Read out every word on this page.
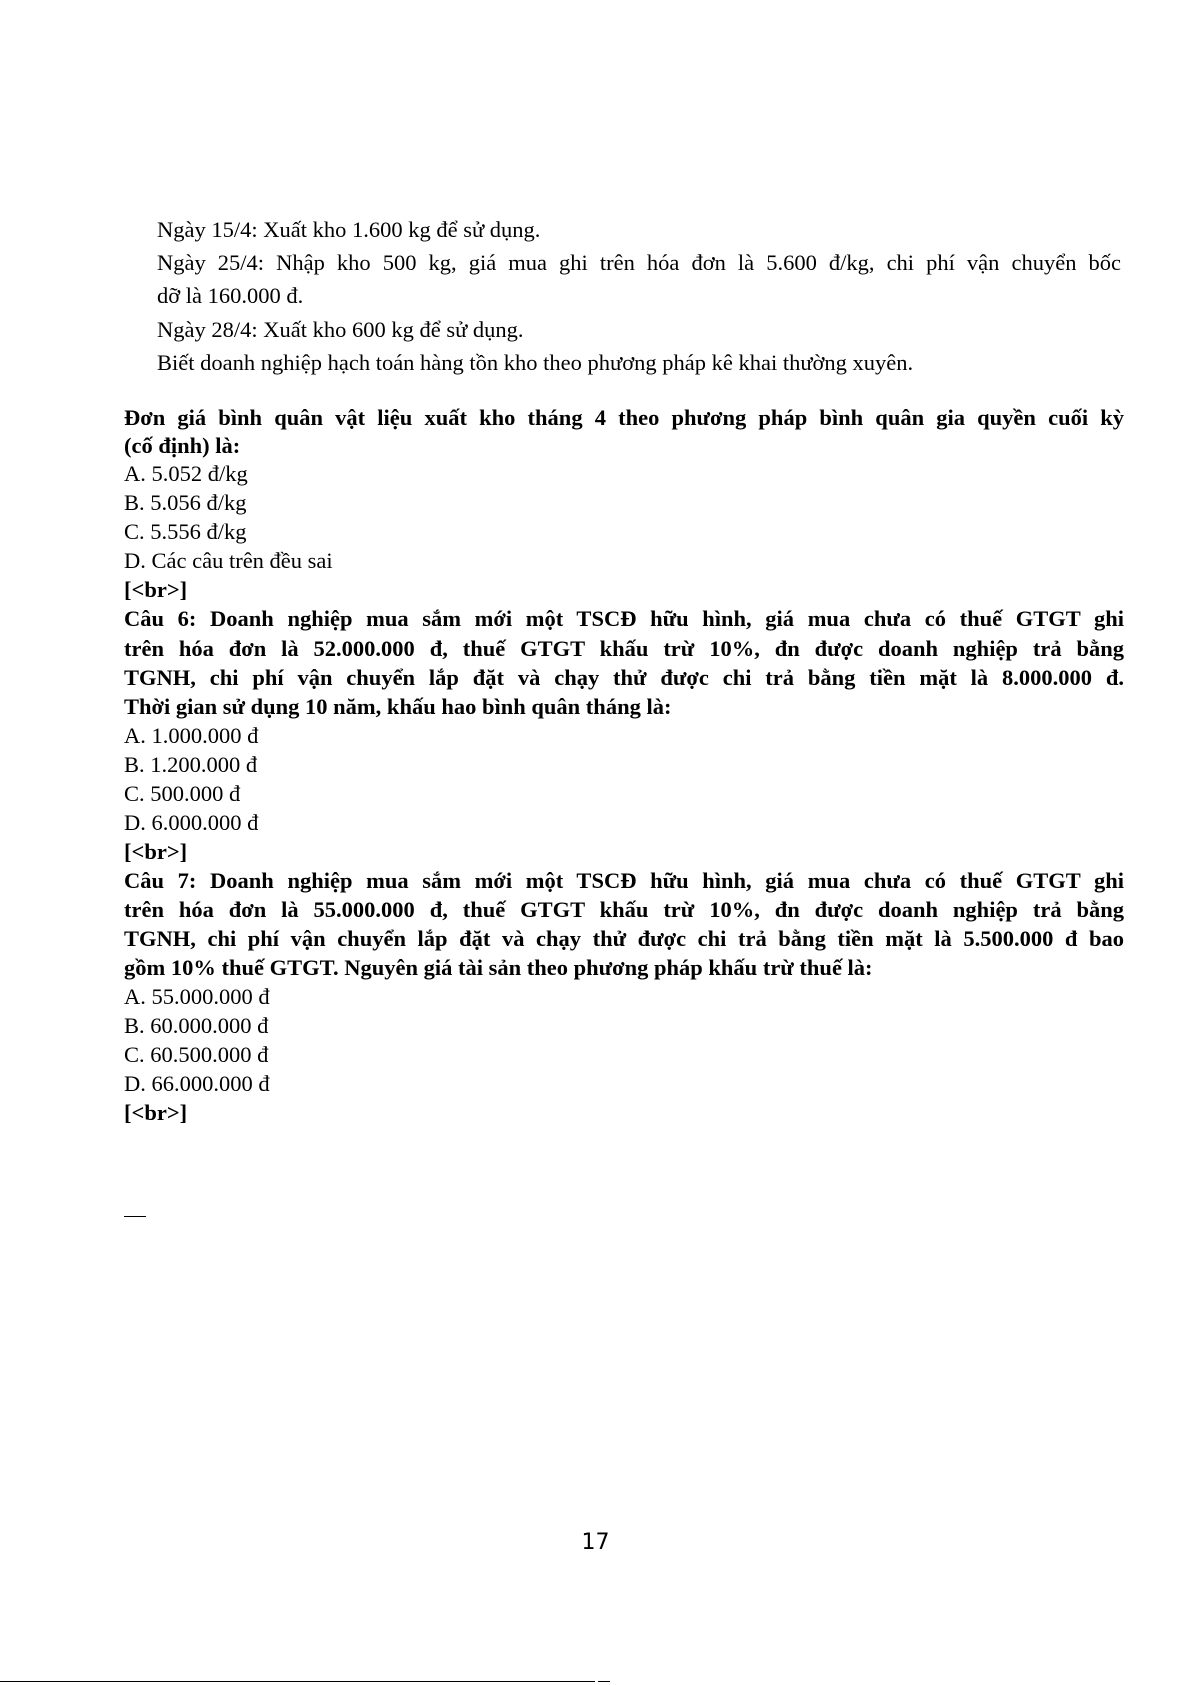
Ngày 15/4: Xuất kho 1.600 kg để sử dụng.
Ngày 25/4: Nhập kho 500 kg, giá mua ghi trên hóa đơn là 5.600 đ/kg, chi phí vận chuyển bốc
dỡ là 160.000 đ.
Ngày 28/4: Xuất kho 600 kg để sử dụng.
Biết doanh nghiệp hạch toán hàng tồn kho theo phương pháp kê khai thường xuyên.
Đơn giá bình quân vật liệu xuất kho tháng 4 theo phương pháp bình quân gia quyền cuối kỳ
(cố định) là:
A. 5.052 đ/kg
B. 5.056 đ/kg
C. 5.556 đ/kg
D. Các câu trên đều sai
[<br>]
Câu 6: Doanh nghiệp mua sắm mới một TSCĐ hữu hình, giá mua chưa có thuế GTGT ghi
trên hóa đơn là 52.000.000 đ, thuế GTGT khấu trừ 10%, đn được doanh nghiệp trả bằng
TGNH, chi phí vận chuyển lắp đặt và chạy thử được chi trả bằng tiền mặt là 8.000.000 đ.
Thời gian sử dụng 10 năm, khấu hao bình quân tháng là:
A. 1.000.000 đ
B. 1.200.000 đ
C. 500.000 đ
D. 6.000.000 đ
[<br>]
Câu 7: Doanh nghiệp mua sắm mới một TSCĐ hữu hình, giá mua chưa có thuế GTGT ghi
trên hóa đơn là 55.000.000 đ, thuế GTGT khấu trừ 10%, đn được doanh nghiệp trả bằng
TGNH, chi phí vận chuyển lắp đặt và chạy thử được chi trả bằng tiền mặt là 5.500.000 đ bao
gồm 10% thuế GTGT. Nguyên giá tài sản theo phương pháp khấu trừ thuế là:
A. 55.000.000 đ
B. 60.000.000 đ
C. 60.500.000 đ
D. 66.000.000 đ
[<br>]
17
